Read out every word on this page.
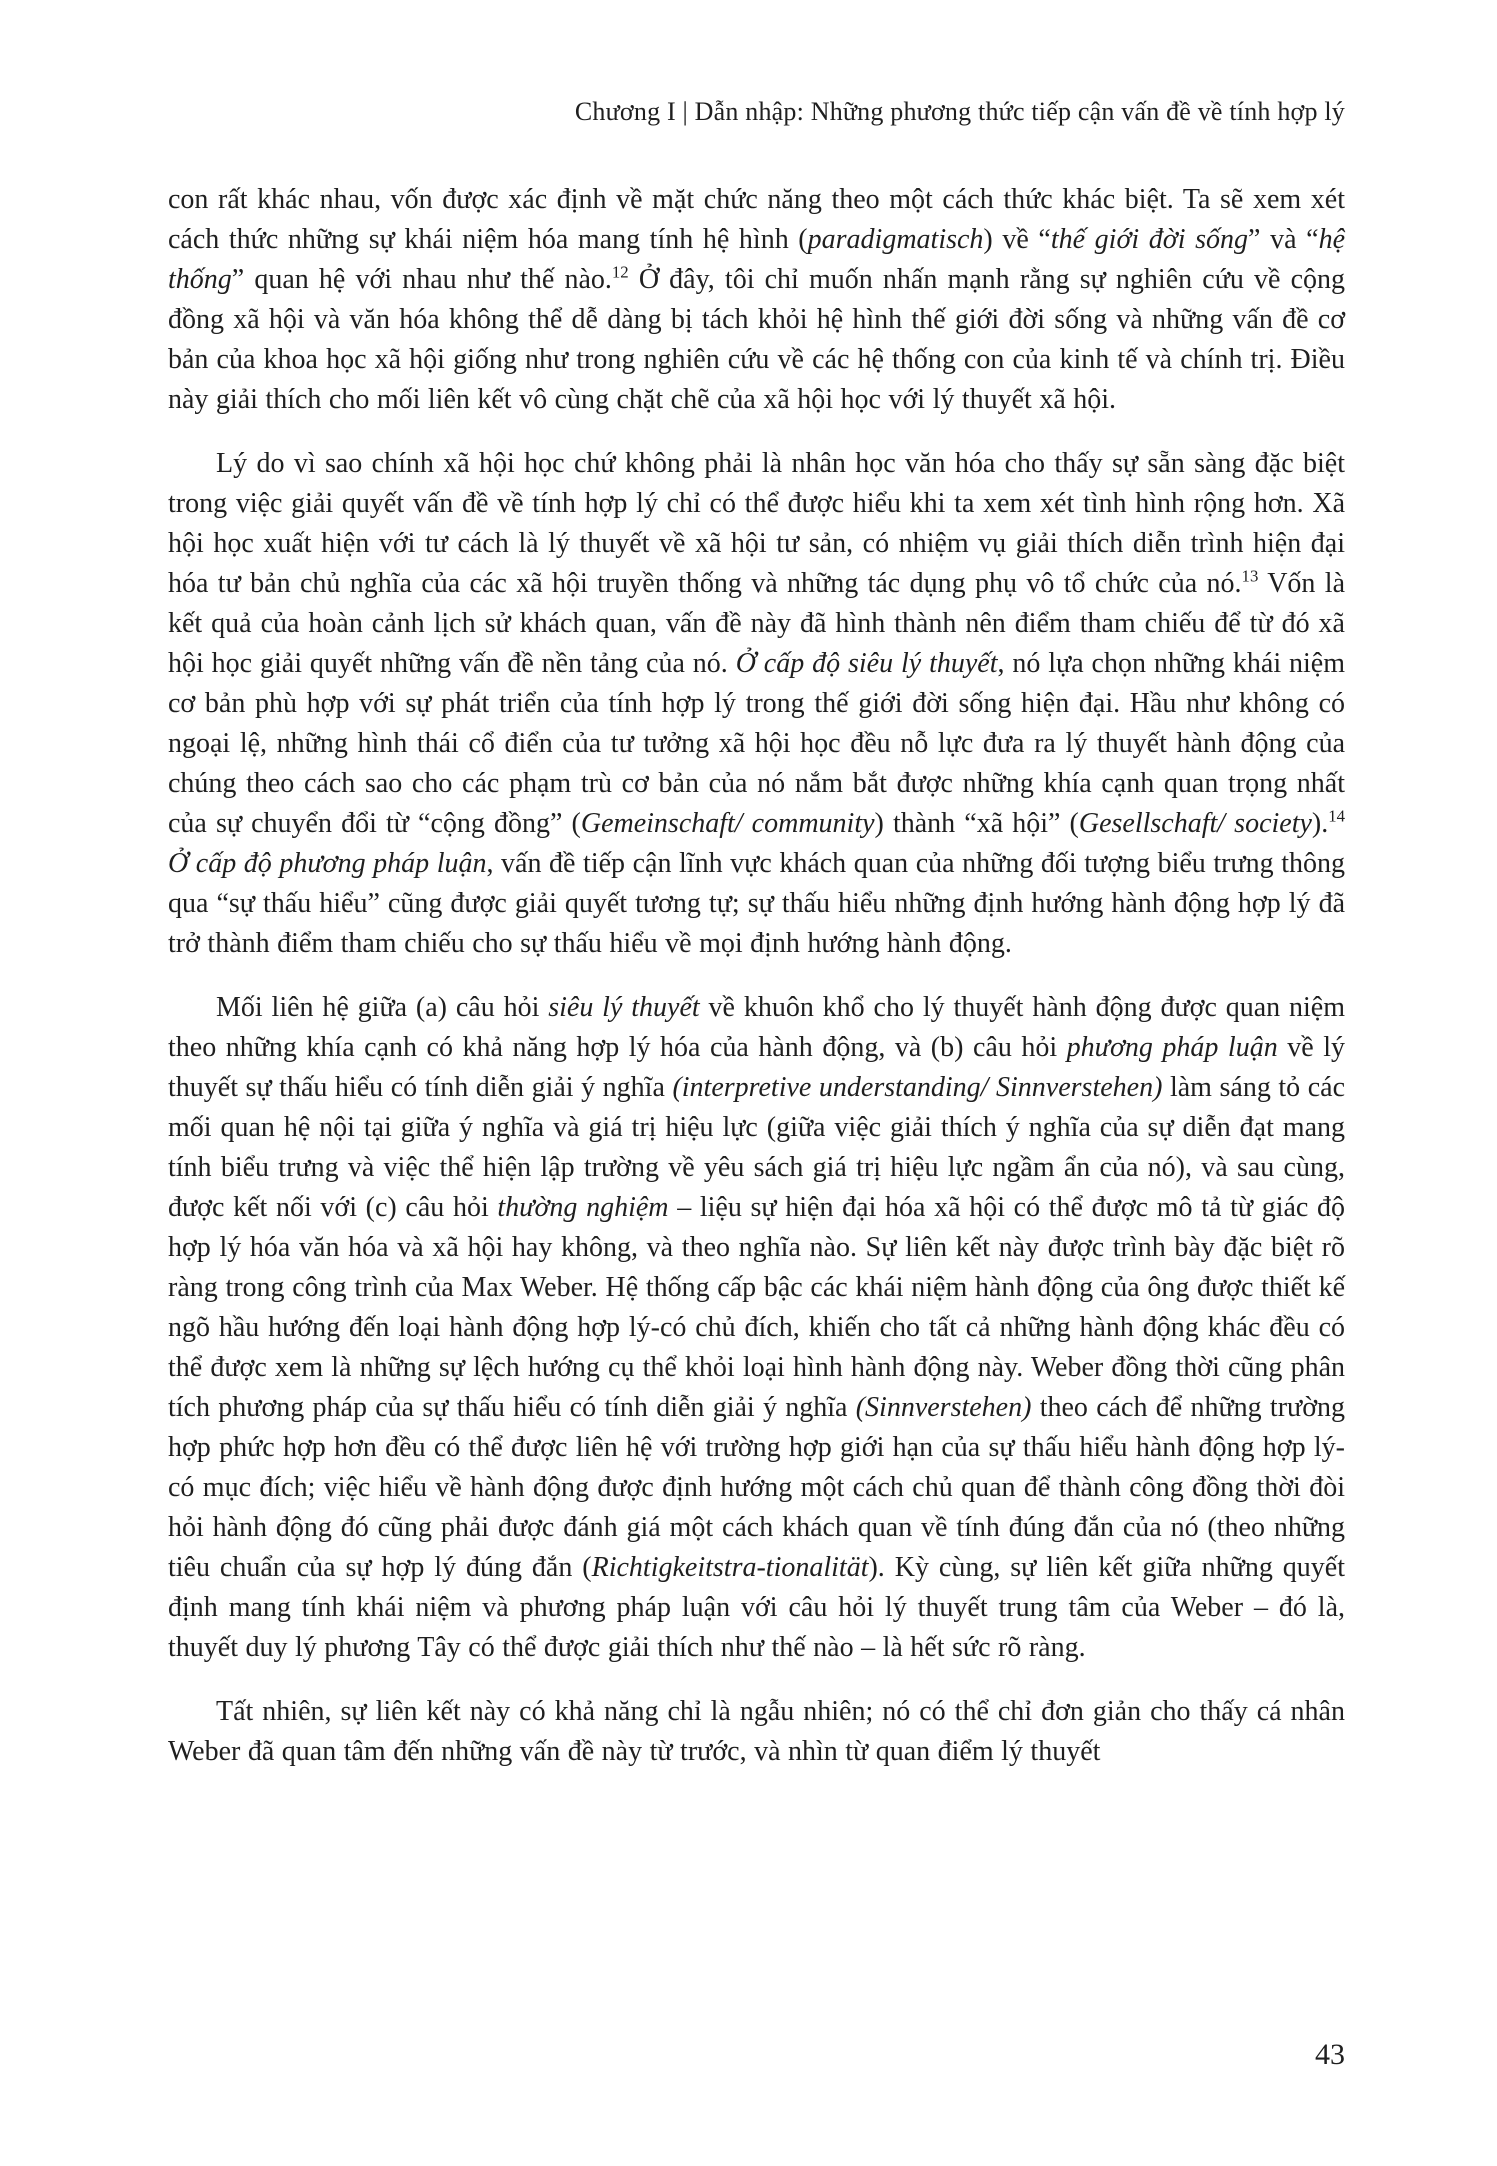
Chương I | Dẫn nhập: Những phương thức tiếp cận vấn đề về tính hợp lý

con rất khác nhau, vốn được xác định về mặt chức năng theo một cách thức khác biệt. Ta sẽ xem xét cách thức những sự khái niệm hóa mang tính hệ hình (paradigmatisch) về “thế giới đời sống” và “hệ thống” quan hệ với nhau như thế nào.$^{12}$ Ở đây, tôi chỉ muốn nhấn mạnh rằng sự nghiên cứu về cộng đồng xã hội và văn hóa không thể dễ dàng bị tách khỏi hệ hình thế giới đời sống và những vấn đề cơ bản của khoa học xã hội giống như trong nghiên cứu về các hệ thống con của kinh tế và chính trị. Điều này giải thích cho mối liên kết vô cùng chặt chẽ của xã hội học với lý thuyết xã hội.

Lý do vì sao chính xã hội học chứ không phải là nhân học văn hóa cho thấy sự sẵn sàng đặc biệt trong việc giải quyết vấn đề về tính hợp lý chỉ có thể được hiểu khi ta xem xét tình hình rộng hơn. Xã hội học xuất hiện với tư cách là lý thuyết về xã hội tư sản, có nhiệm vụ giải thích diễn trình hiện đại hóa tư bản chủ nghĩa của các xã hội truyền thống và những tác dụng phụ vô tổ chức của nó.$^{13}$ Vốn là kết quả của hoàn cảnh lịch sử khách quan, vấn đề này đã hình thành nên điểm tham chiếu để từ đó xã hội học giải quyết những vấn đề nền tảng của nó. Ở cấp độ siêu lý thuyết, nó lựa chọn những khái niệm cơ bản phù hợp với sự phát triển của tính hợp lý trong thế giới đời sống hiện đại. Hầu như không có ngoại lệ, những hình thái cổ điển của tư tưởng xã hội học đều nỗ lực đưa ra lý thuyết hành động của chúng theo cách sao cho các phạm trù cơ bản của nó nắm bắt được những khía cạnh quan trọng nhất của sự chuyển đổi từ “cộng đồng” (Gemeinschaft/ community) thành “xã hội” (Gesellschaft/ society).$^{14}$ Ở cấp độ phương pháp luận, vấn đề tiếp cận lĩnh vực khách quan của những đối tượng biểu trưng thông qua “sự thấu hiểu” cũng được giải quyết tương tự; sự thấu hiểu những định hướng hành động hợp lý đã trở thành điểm tham chiếu cho sự thấu hiểu về mọi định hướng hành động.

Mối liên hệ giữa (a) câu hỏi siêu lý thuyết về khuôn khổ cho lý thuyết hành động được quan niệm theo những khía cạnh có khả năng hợp lý hóa của hành động, và (b) câu hỏi phương pháp luận về lý thuyết sự thấu hiểu có tính diễn giải ý nghĩa (interpretive understanding/ Sinnverstehen) làm sáng tỏ các mối quan hệ nội tại giữa ý nghĩa và giá trị hiệu lực (giữa việc giải thích ý nghĩa của sự diễn đạt mang tính biểu trưng và việc thể hiện lập trường về yêu sách giá trị hiệu lực ngầm ẩn của nó), và sau cùng, được kết nối với (c) câu hỏi thường nghiệm – liệu sự hiện đại hóa xã hội có thể được mô tả từ giác độ hợp lý hóa văn hóa và xã hội hay không, và theo nghĩa nào. Sự liên kết này được trình bày đặc biệt rõ ràng trong công trình của Max Weber. Hệ thống cấp bậc các khái niệm hành động của ông được thiết kế ngõ hầu hướng đến loại hành động hợp lý-có chủ đích, khiến cho tất cả những hành động khác đều có thể được xem là những sự lệch hướng cụ thể khỏi loại hình hành động này. Weber đồng thời cũng phân tích phương pháp của sự thấu hiểu có tính diễn giải ý nghĩa (Sinnverstehen) theo cách để những trường hợp phức hợp hơn đều có thể được liên hệ với trường hợp giới hạn của sự thấu hiểu hành động hợp lý-có mục đích; việc hiểu về hành động được định hướng một cách chủ quan để thành công đồng thời đòi hỏi hành động đó cũng phải được đánh giá một cách khách quan về tính đúng đắn của nó (theo những tiêu chuẩn của sự hợp lý đúng đắn (Richtigkeitstra-tionalität). Kỳ cùng, sự liên kết giữa những quyết định mang tính khái niệm và phương pháp luận với câu hỏi lý thuyết trung tâm của Weber – đó là, thuyết duy lý phương Tây có thể được giải thích như thế nào – là hết sức rõ ràng.

Tất nhiên, sự liên kết này có khả năng chỉ là ngẫu nhiên; nó có thể chỉ đơn giản cho thấy cá nhân Weber đã quan tâm đến những vấn đề này từ trước, và nhìn từ quan điểm lý thuyết

43
